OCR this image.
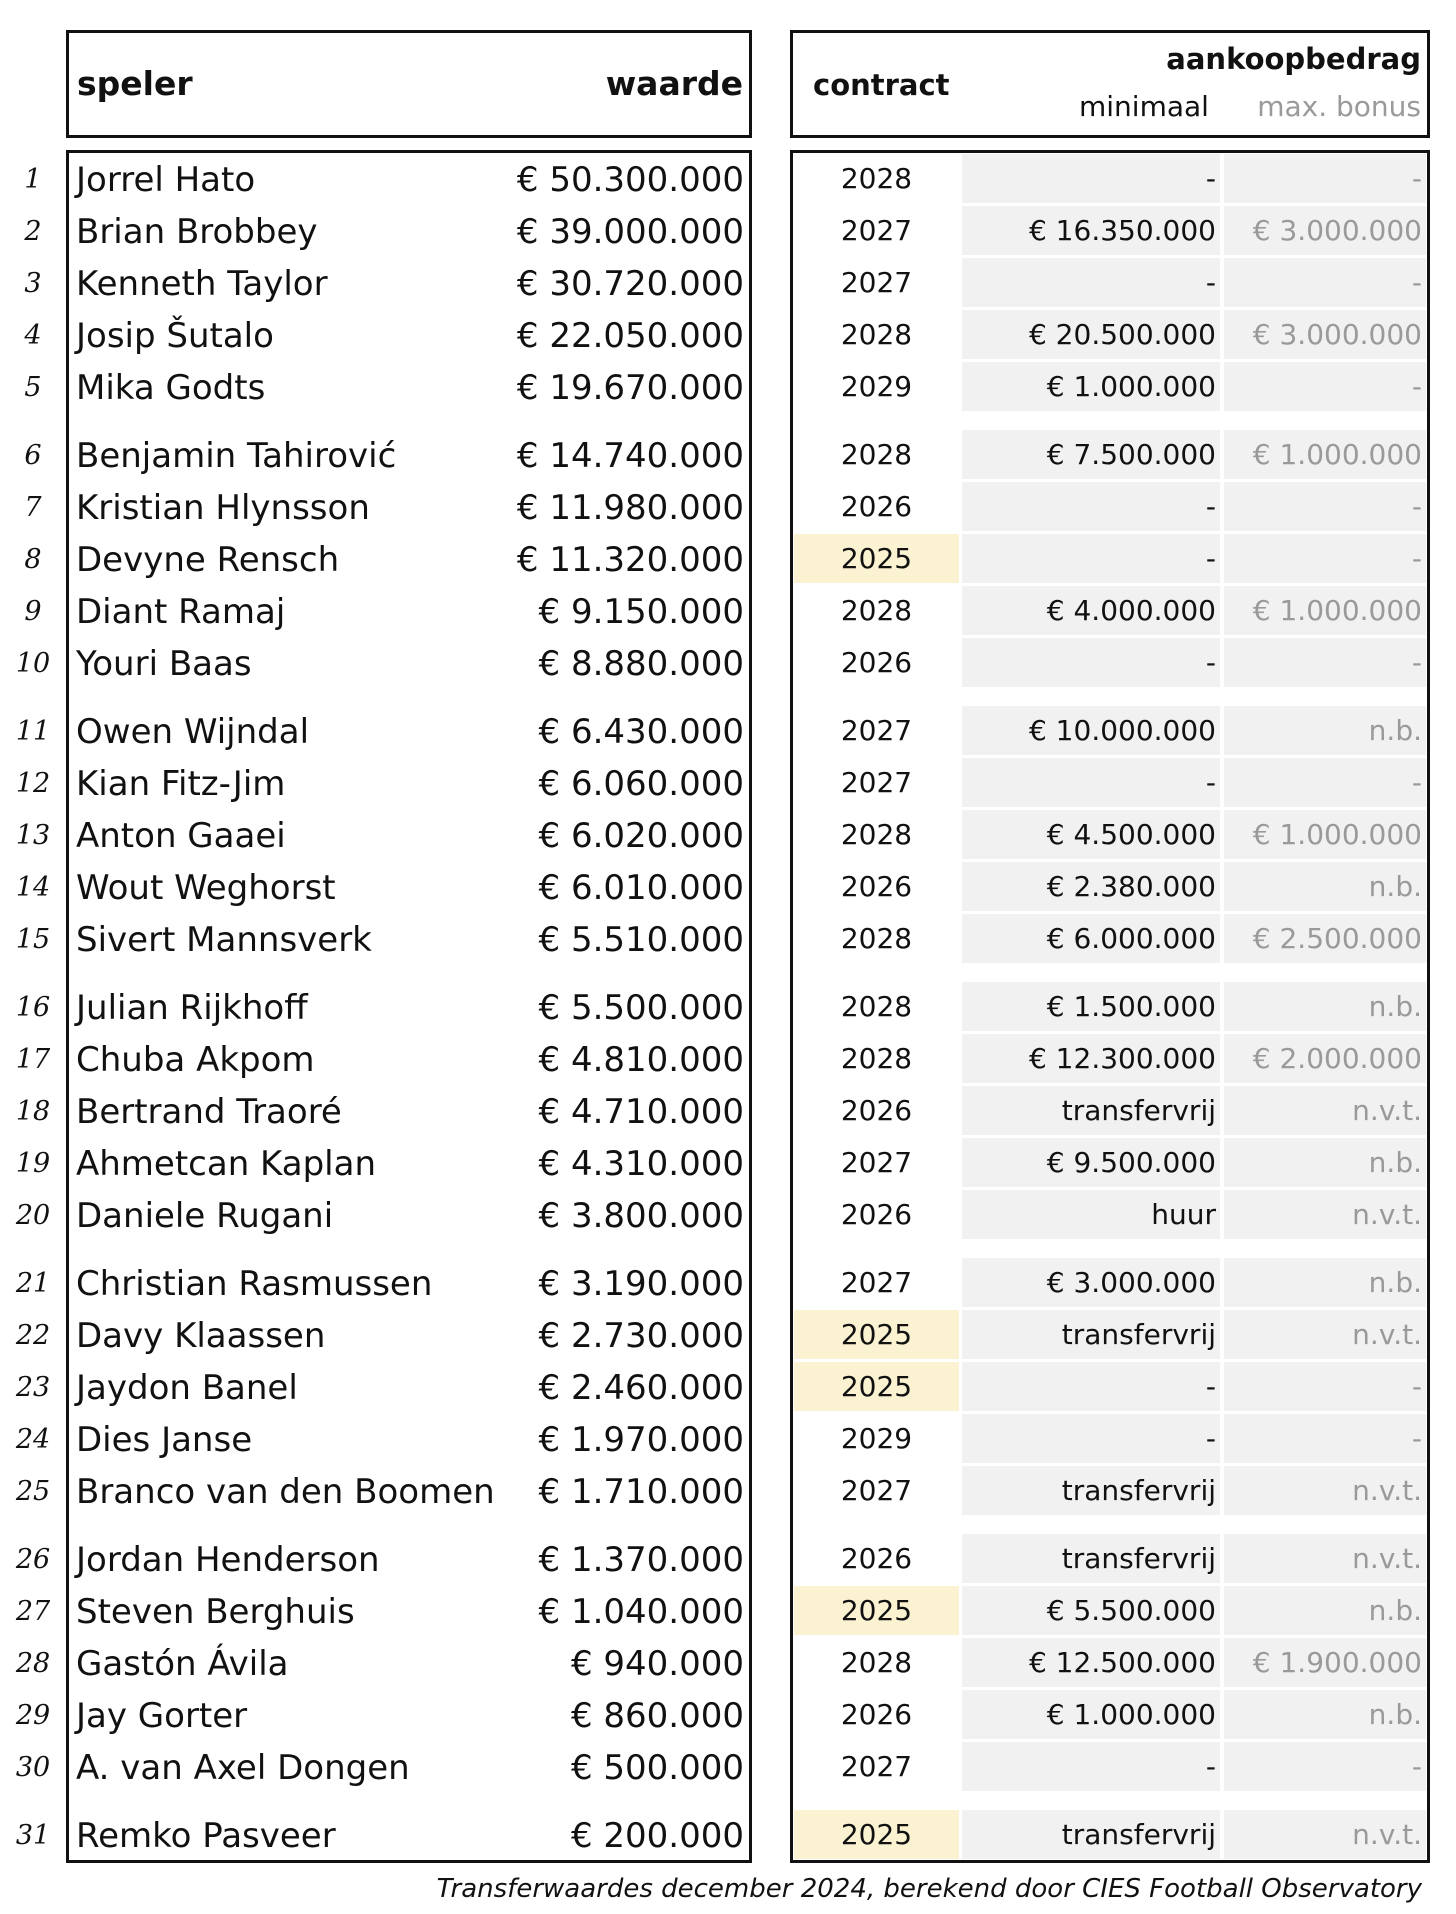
speler	waarde contract
aankoopbedrag
minimaal max. bonus
1	Jorrel Hato	€ 50.300.000	2028	-	-
2	Brian Brobbey	€ 39.000.000	2027	€ 16.350.000	€ 3.000.000
3	Kenneth Taylor	€ 30.720.000	2027	-	-
4	Josip Šutalo	€ 22.050.000	2028	€ 20.500.000	€ 3.000.000
5	Mika Godts	€ 19.670.000	2029	€ 1.000.000	-
6	Benjamin Tahirović	€ 14.740.000	2028	€ 7.500.000	€ 1.000.000
7	Kristian Hlynsson	€ 11.980.000	2026	-	-
8	Devyne Rensch	€ 11.320.000	2025	-	-
9	Diant Ramaj	€ 9.150.000	2028	€ 4.000.000	€ 1.000.000
10 Youri Baas	€ 8.880.000	2026	-	-
11 Owen Wijndal	€ 6.430.000	2027	€ 10.000.000	n.b.
12 Kian Fitz-Jim	€ 6.060.000	2027	-	-
13 Anton Gaaei	€ 6.020.000	2028	€ 4.500.000	€ 1.000.000
14 Wout Weghorst	€ 6.010.000	2026	€ 2.380.000	n.b.
15 Sivert Mannsverk	€ 5.510.000	2028	€ 6.000.000	€ 2.500.000
16 Julian Rijkhoff	€ 5.500.000	2028	€ 1.500.000	n.b.
17 Chuba Akpom	€ 4.810.000	2028	€ 12.300.000	€ 2.000.000
18 Bertrand Traoré	€ 4.710.000	2026	transfervrij	n.v.t.
19 Ahmetcan Kaplan	€ 4.310.000	2027	€ 9.500.000	n.b.
20 Daniele Rugani	€ 3.800.000	2026	huur	n.v.t.
21 Christian Rasmussen	€ 3.190.000	2027	€ 3.000.000	n.b.
22 Davy Klaassen	€ 2.730.000	2025	transfervrij	n.v.t.
23 Jaydon Banel	€ 2.460.000	2025	-	-
24 Dies Janse	€ 1.970.000	2029	-	-
25 Branco van den Boomen € 1.710.000	2027	transfervrij	n.v.t.
26 Jordan Henderson	€ 1.370.000	2026	transfervrij	n.v.t.
27 Steven Berghuis	€ 1.040.000	2025	€ 5.500.000	n.b.
28 Gastón Ávila	€ 940.000	2028	€ 12.500.000	€ 1.900.000
29 Jay Gorter	€ 860.000	2026	€ 1.000.000	n.b.
30 A. van Axel Dongen	€ 500.000	2027	-	-
31 Remko Pasveer	€ 200.000	2025	transfervrij	n.v.t.
Transferwaardes december 2024, berekend door CIES Football Observatory
